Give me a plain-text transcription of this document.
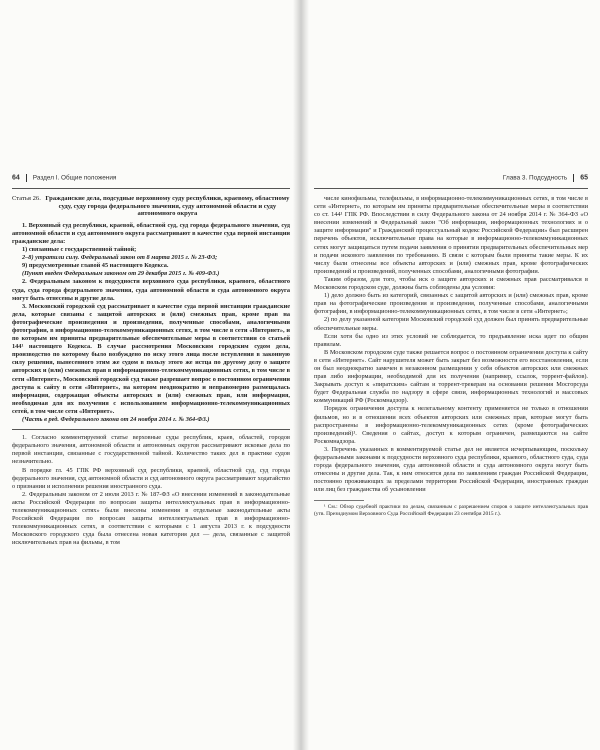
64 Раздел I. Общие положения
Статья 26. Гражданские дела, подсудные верховному суду республики, краевому, областному суду, суду города федерального значения, суду автономной области и суду автономного округа

1. Верховный суд республики, краевой, областной суд, суд города федерального значения, суд автономной области и суд автономного округа рассматривают в качестве суда первой инстанции гражданские дела:

1) связанные с государственной тайной;

2–8) утратили силу. Федеральный закон от 8 марта 2015 г. № 23-ФЗ;

9) предусмотренные главой 45 настоящего Кодекса.

(Пункт введен Федеральным законом от 29 декабря 2015 г. № 409-ФЗ.)

2. Федеральным законом к подсудности верховного суда республики, краевого, областного суда, суда города федерального значения, суда автономной области и суда автономного округа могут быть отнесены и другие дела.

3. Московский городской суд рассматривает в качестве суда первой инстанции гражданские дела, которые связаны с защитой авторских и (или) смежных прав, кроме прав на фотографические произведения и произведения, полученные способами, аналогичными фотографии, в информационно-телекоммуникационных сетях, в том числе в сети «Интернет», и по которым им приняты предварительные обеспечительные меры в соответствии со статьей 144¹ настоящего Кодекса. В случае рассмотрения Московским городским судом дела, производство по которому было возбуждено по иску этого лица после вступления в законную силу решения, вынесенного этим же судом в пользу этого же истца по другому делу о защите авторских и (или) смежных прав в информационно-телекоммуникационных сетях, в том числе в сети «Интернет», Московский городской суд также разрешает вопрос о постоянном ограничении доступа к сайту в сети «Интернет», на котором неоднократно и неправомерно размещалась информация, содержащая объекты авторских и (или) смежных прав, или информация, необходимая для их получения с использованием информационно-телекоммуникационных сетей, в том числе сети «Интернет».

(Часть в ред. Федерального закона от 24 ноября 2014 г. № 364-ФЗ.)

1. Согласно комментируемой статье верховные суды республик, краев, областей, городов федерального значения, автономной области и автономных округов рассматривают исковые дела по первой инстанции, связанные с государственной тайной. Количество таких дел в практике судов незначительно.

В порядке гл. 45 ГПК РФ верховный суд республики, краевой, областной суд, суд города федерального значения, суд автономной области и суд автономного округа рассматривают ходатайство о признании и исполнении решения иностранного суда.

2. Федеральным законом от 2 июля 2013 г. № 187-ФЗ «О внесении изменений в законодательные акты Российской Федерации по вопросам защиты интеллектуальных прав в информационно-телекоммуникационных сетях» были внесены изменения в отдельные законодательные акты Российской Федерации по вопросам защиты интеллектуальных прав в информационно-телекоммуникационных сетях, в соответствии с которыми с 1 августа 2013 г. к подсудности Московского городского суда была отнесена новая категория дел — дела, связанные с защитой исключительных прав на фильмы, в том

Глава 3. Подсудность 65

числе кинофильмы, телефильмы, в информационно-телекоммуникационных сетях, в том числе в сети «Интернет», по которым им приняты предварительные обеспечительные меры в соответствии со ст. 144¹ ГПК РФ. Впоследствии в силу Федерального закона от 24 ноября 2014 г. № 364-ФЗ «О внесении изменений в Федеральный закон "Об информации, информационных технологиях и о защите информации" и Гражданский процессуальный кодекс Российской Федерации» был расширен перечень объектов, исключительные права на которые в информационно-телекоммуникационных сетях могут защищаться путем подачи заявления о принятии предварительных обеспечительных мер и подачи искового заявления по требованию. В связи с которым были приняты такие меры. К их числу были отнесены все объекты авторских и (или) смежных прав, кроме фотографических произведений и произведений, полученных способами, аналогичными фотографии.

Таким образом, для того, чтобы иск о защите авторских и смежных прав рассматривался в Московском городском суде, должны быть соблюдены два условия:

1) дело должно быть из категорий, связанных с защитой авторских и (или) смежных прав, кроме прав на фотографические произведения и произведения, полученные способами, аналогичными фотографии, в информационно-телекоммуникационных сетях, в том числе в сети «Интернет»;

2) по делу указанной категории Московский городской суд должен был принять предварительные обеспечительные меры.

Если хотя бы одно из этих условий не соблюдается, то предъявление иска идет по общим правилам.

В Московском городском суде также решается вопрос о постоянном ограничении доступа к сайту в сети «Интернет». Сайт нарушителя может быть закрыт без возможности его восстановления, если он был неоднократно замечен в незаконном размещении у себя объектов авторских или смежных прав либо информации, необходимой для их получения (например, ссылок, торрент-файлов). Закрывать доступ к «пиратским» сайтам и торрент-трекерам на основании решения Мосгорсуда будет Федеральная служба по надзору в сфере связи, информационных технологий и массовых коммуникаций РФ (Роскомнадзор).

Порядок ограничения доступа к нелегальному контенту применяется не только в отношении фильмов, но и в отношении всех объектов авторских или смежных прав, которые могут быть распространены в информационно-телекоммуникационных сетях (кроме фотографических произведений)¹. Сведения о сайтах, доступ к которым ограничен, размещаются на сайте Роскомнадзора.

3. Перечень указанных в комментируемой статье дел не является исчерпывающим, поскольку федеральными законами к подсудности верховного суда республики, краевого, областного суда, суда города федерального значения, суда автономной области и суда автономного округа могут быть отнесены и другие дела. Так, к ним относятся дела по заявлениям граждан Российской Федерации, постоянно проживающих за пределами территории Российской Федерации, иностранных граждан или лиц без гражданства об усыновлении

¹ См.: Обзор судебной практики по делам, связанным с разрешением споров о защите интеллектуальных прав (утв. Президиумом Верховного Суда Российской Федерации 23 сентября 2015 г.).
